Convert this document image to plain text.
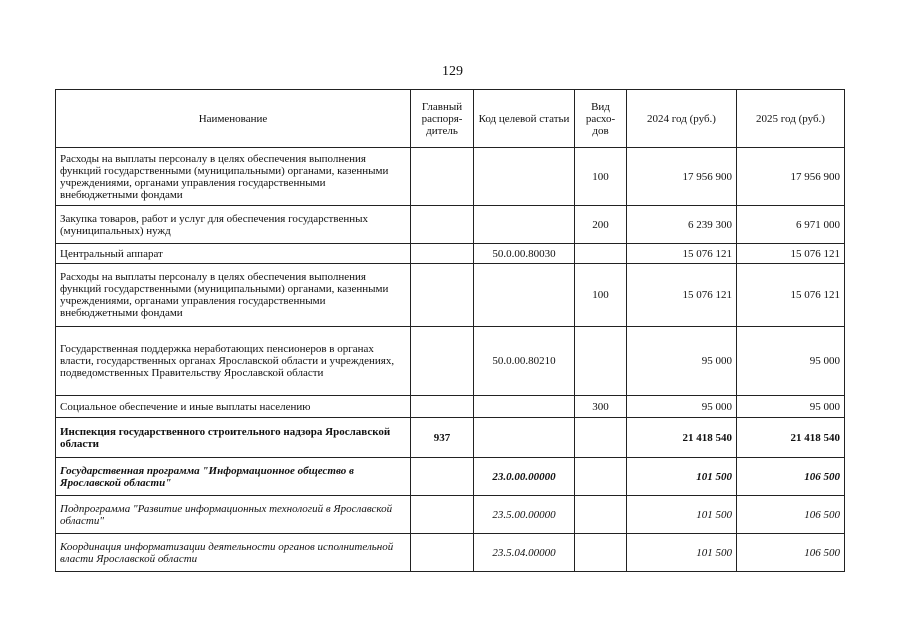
129
Наименование	Главный распоря-дитель	Код целевой статьи	Вид расхо-дов	2024 год (руб.)	2025 год (руб.)
Расходы на выплаты персоналу в целях обеспечения выполнения функций государственными (муниципальными) органами, казенными учреждениями, органами управления государственными внебюджетными фондами			100	17 956 900	17 956 900
Закупка товаров, работ и услуг для обеспечения государственных (муниципальных) нужд			200	6 239 300	6 971 000
Центральный аппарат		50.0.00.80030		15 076 121	15 076 121
Расходы на выплаты персоналу в целях обеспечения выполнения функций государственными (муниципальными) органами, казенными учреждениями, органами управления государственными внебюджетными фондами			100	15 076 121	15 076 121
Государственная поддержка неработающих пенсионеров в органах власти, государственных органах Ярославской области и учреждениях, подведомственных Правительству Ярославской области		50.0.00.80210		95 000	95 000
Социальное обеспечение и иные выплаты населению			300	95 000	95 000
Инспекция государственного строительного надзора Ярославской области	937			21 418 540	21 418 540
Государственная программа "Информационное общество в Ярославской области"		23.0.00.00000		101 500	106 500
Подпрограмма "Развитие информационных технологий в Ярославской области"		23.5.00.00000		101 500	106 500
Координация информатизации деятельности органов исполнительной власти Ярославской области		23.5.04.00000		101 500	106 500
